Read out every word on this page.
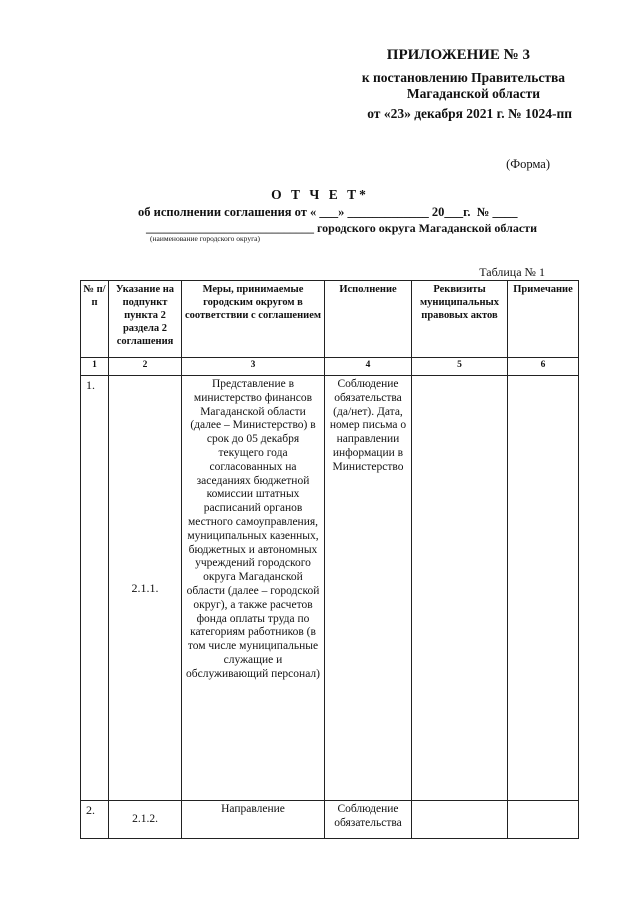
ПРИЛОЖЕНИЕ № 3
к постановлению Правительства
Магаданской области
от «23» декабря 2021 г. № 1024-пп
(Форма)
О Т Ч Е Т*
об исполнении соглашения от « ___» _____________ 20___г.  № ____
____________________________ городского округа Магаданской области
(наименование городского округа)
Таблица № 1
№ п/п	Указание на подпункт пункта 2 раздела 2 соглашения	Меры, принимаемые городским округом в соответствии с соглашением	Исполнение	Реквизиты муниципальных правовых актов	Примечание
1	2	3	4	5	6
1.	2.1.1.	Представление в министерство финансов Магаданской области (далее – Министерство) в срок до 05 декабря текущего года согласованных на заседаниях бюджетной комиссии штатных расписаний органов местного самоуправления, муниципальных казенных, бюджетных и автономных учреждений городского округа Магаданской области (далее – городской округ), а также расчетов фонда оплаты труда по категориям работников (в том числе муниципальные служащие и обслуживающий персонал)	Соблюдение обязательства (да/нет). Дата, номер письма о направлении информации в Министерство		
2.	2.1.2.	Направление	Соблюдение обязательства		
